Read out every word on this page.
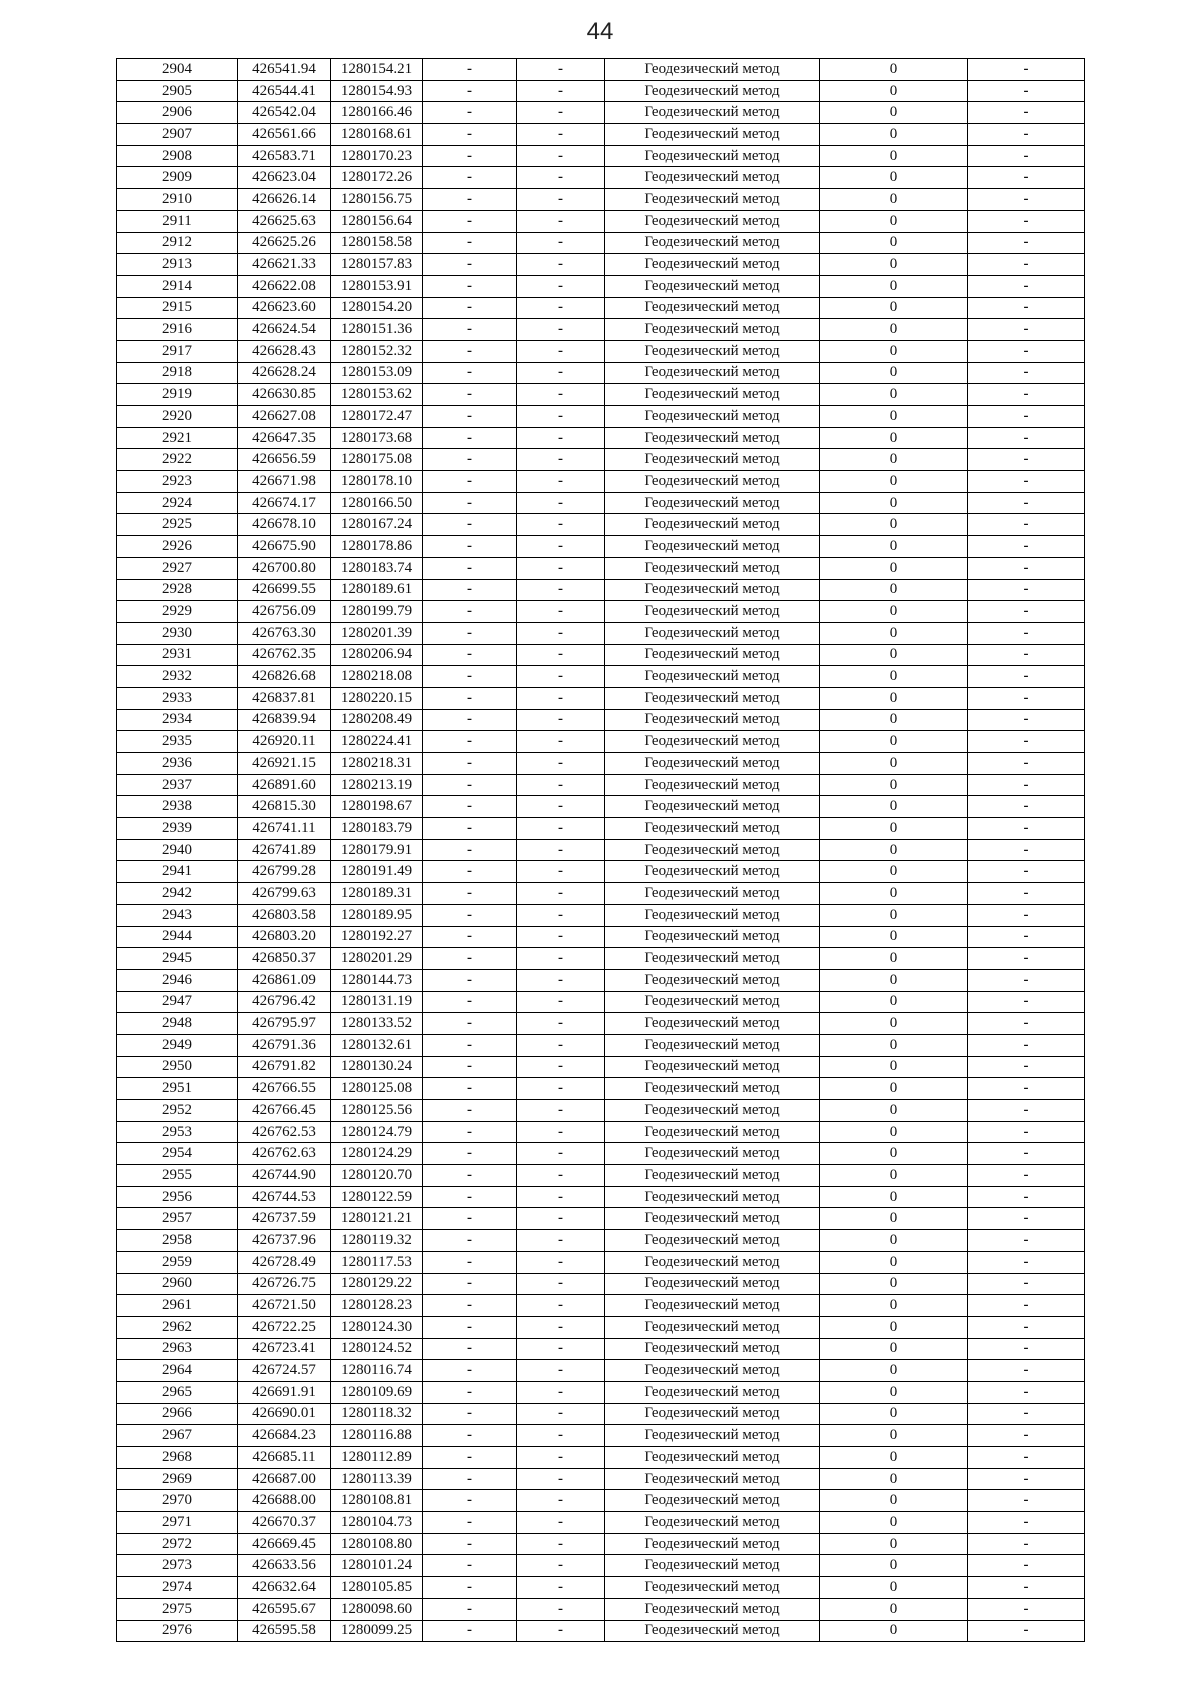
44
2904	426541.94	1280154.21	-	-	Геодезический метод	0	-
2905	426544.41	1280154.93	-	-	Геодезический метод	0	-
2906	426542.04	1280166.46	-	-	Геодезический метод	0	-
2907	426561.66	1280168.61	-	-	Геодезический метод	0	-
2908	426583.71	1280170.23	-	-	Геодезический метод	0	-
2909	426623.04	1280172.26	-	-	Геодезический метод	0	-
2910	426626.14	1280156.75	-	-	Геодезический метод	0	-
2911	426625.63	1280156.64	-	-	Геодезический метод	0	-
2912	426625.26	1280158.58	-	-	Геодезический метод	0	-
2913	426621.33	1280157.83	-	-	Геодезический метод	0	-
2914	426622.08	1280153.91	-	-	Геодезический метод	0	-
2915	426623.60	1280154.20	-	-	Геодезический метод	0	-
2916	426624.54	1280151.36	-	-	Геодезический метод	0	-
2917	426628.43	1280152.32	-	-	Геодезический метод	0	-
2918	426628.24	1280153.09	-	-	Геодезический метод	0	-
2919	426630.85	1280153.62	-	-	Геодезический метод	0	-
2920	426627.08	1280172.47	-	-	Геодезический метод	0	-
2921	426647.35	1280173.68	-	-	Геодезический метод	0	-
2922	426656.59	1280175.08	-	-	Геодезический метод	0	-
2923	426671.98	1280178.10	-	-	Геодезический метод	0	-
2924	426674.17	1280166.50	-	-	Геодезический метод	0	-
2925	426678.10	1280167.24	-	-	Геодезический метод	0	-
2926	426675.90	1280178.86	-	-	Геодезический метод	0	-
2927	426700.80	1280183.74	-	-	Геодезический метод	0	-
2928	426699.55	1280189.61	-	-	Геодезический метод	0	-
2929	426756.09	1280199.79	-	-	Геодезический метод	0	-
2930	426763.30	1280201.39	-	-	Геодезический метод	0	-
2931	426762.35	1280206.94	-	-	Геодезический метод	0	-
2932	426826.68	1280218.08	-	-	Геодезический метод	0	-
2933	426837.81	1280220.15	-	-	Геодезический метод	0	-
2934	426839.94	1280208.49	-	-	Геодезический метод	0	-
2935	426920.11	1280224.41	-	-	Геодезический метод	0	-
2936	426921.15	1280218.31	-	-	Геодезический метод	0	-
2937	426891.60	1280213.19	-	-	Геодезический метод	0	-
2938	426815.30	1280198.67	-	-	Геодезический метод	0	-
2939	426741.11	1280183.79	-	-	Геодезический метод	0	-
2940	426741.89	1280179.91	-	-	Геодезический метод	0	-
2941	426799.28	1280191.49	-	-	Геодезический метод	0	-
2942	426799.63	1280189.31	-	-	Геодезический метод	0	-
2943	426803.58	1280189.95	-	-	Геодезический метод	0	-
2944	426803.20	1280192.27	-	-	Геодезический метод	0	-
2945	426850.37	1280201.29	-	-	Геодезический метод	0	-
2946	426861.09	1280144.73	-	-	Геодезический метод	0	-
2947	426796.42	1280131.19	-	-	Геодезический метод	0	-
2948	426795.97	1280133.52	-	-	Геодезический метод	0	-
2949	426791.36	1280132.61	-	-	Геодезический метод	0	-
2950	426791.82	1280130.24	-	-	Геодезический метод	0	-
2951	426766.55	1280125.08	-	-	Геодезический метод	0	-
2952	426766.45	1280125.56	-	-	Геодезический метод	0	-
2953	426762.53	1280124.79	-	-	Геодезический метод	0	-
2954	426762.63	1280124.29	-	-	Геодезический метод	0	-
2955	426744.90	1280120.70	-	-	Геодезический метод	0	-
2956	426744.53	1280122.59	-	-	Геодезический метод	0	-
2957	426737.59	1280121.21	-	-	Геодезический метод	0	-
2958	426737.96	1280119.32	-	-	Геодезический метод	0	-
2959	426728.49	1280117.53	-	-	Геодезический метод	0	-
2960	426726.75	1280129.22	-	-	Геодезический метод	0	-
2961	426721.50	1280128.23	-	-	Геодезический метод	0	-
2962	426722.25	1280124.30	-	-	Геодезический метод	0	-
2963	426723.41	1280124.52	-	-	Геодезический метод	0	-
2964	426724.57	1280116.74	-	-	Геодезический метод	0	-
2965	426691.91	1280109.69	-	-	Геодезический метод	0	-
2966	426690.01	1280118.32	-	-	Геодезический метод	0	-
2967	426684.23	1280116.88	-	-	Геодезический метод	0	-
2968	426685.11	1280112.89	-	-	Геодезический метод	0	-
2969	426687.00	1280113.39	-	-	Геодезический метод	0	-
2970	426688.00	1280108.81	-	-	Геодезический метод	0	-
2971	426670.37	1280104.73	-	-	Геодезический метод	0	-
2972	426669.45	1280108.80	-	-	Геодезический метод	0	-
2973	426633.56	1280101.24	-	-	Геодезический метод	0	-
2974	426632.64	1280105.85	-	-	Геодезический метод	0	-
2975	426595.67	1280098.60	-	-	Геодезический метод	0	-
2976	426595.58	1280099.25	-	-	Геодезический метод	0	-
